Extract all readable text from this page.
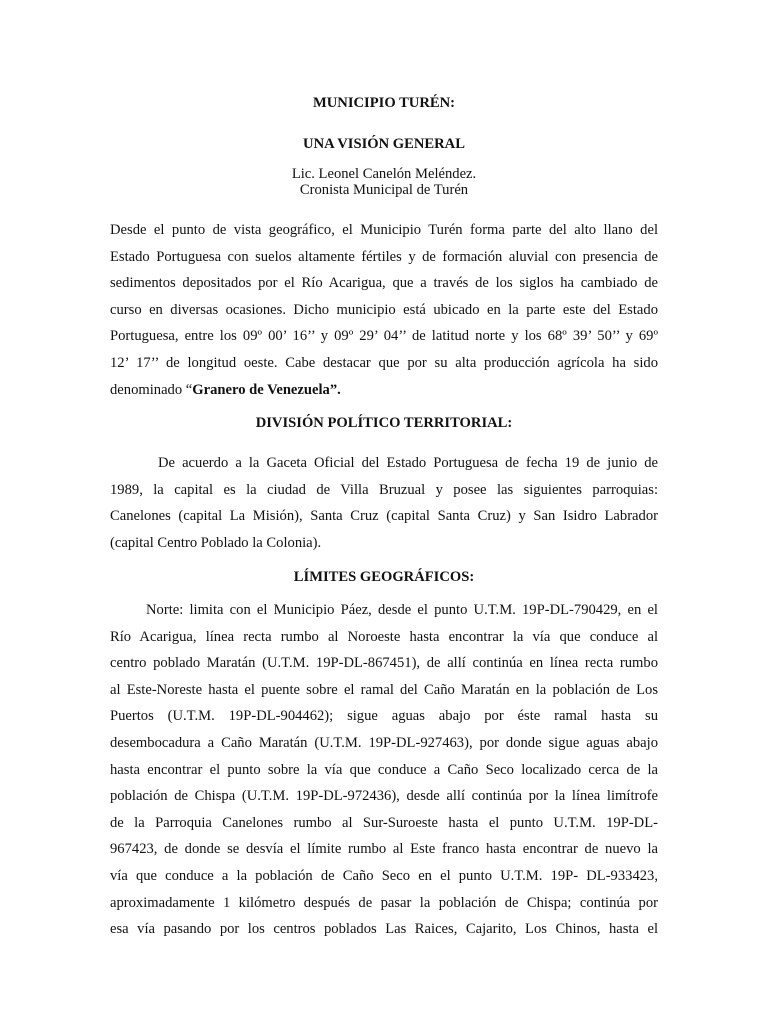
MUNICIPIO TURÉN:

UNA VISIÓN GENERAL

Lic. Leonel Canelón Meléndez.

Cronista Municipal de Turén

Desde el punto de vista geográfico, el Municipio Turén forma parte del alto llano del
Estado Portuguesa con suelos altamente fértiles y de formación aluvial con presencia de
sedimentos depositados por el Río Acarigua, que a través de los siglos ha cambiado de
curso en diversas ocasiones. Dicho municipio está ubicado en la parte este del Estado
Portuguesa, entre los 09º 00’ 16’’ y 09º 29’ 04’’ de latitud norte y los 68º 39’ 50’’ y 69º
12’ 17’’ de longitud oeste. Cabe destacar que por su alta producción agrícola ha sido
denominado “Granero de Venezuela”.

DIVISIÓN POLÍTICO TERRITORIAL:

De acuerdo a la Gaceta Oficial del Estado Portuguesa de fecha 19 de junio de
1989, la capital es la ciudad de Villa Bruzual y posee las siguientes parroquias:
Canelones (capital La Misión), Santa Cruz (capital Santa Cruz) y San Isidro Labrador
(capital Centro Poblado la Colonia).

LÍMITES GEOGRÁFICOS:

Norte: limita con el Municipio Páez, desde el punto U.T.M. 19P-DL-790429, en el
Río Acarigua, línea recta rumbo al Noroeste hasta encontrar la vía que conduce al
centro poblado Maratán (U.T.M. 19P-DL-867451), de allí continúa en línea recta rumbo
al Este-Noreste hasta el puente sobre el ramal del Caño Maratán en la población de Los
Puertos (U.T.M. 19P-DL-904462); sigue aguas abajo por éste ramal hasta su
desembocadura a Caño Maratán (U.T.M. 19P-DL-927463), por donde sigue aguas abajo
hasta encontrar el punto sobre la vía que conduce a Caño Seco localizado cerca de la
población de Chispa (U.T.M. 19P-DL-972436), desde allí continúa por la línea limítrofe
de la Parroquia Canelones rumbo al Sur-Suroeste hasta el punto U.T.M. 19P-DL-
967423, de donde se desvía el límite rumbo al Este franco hasta encontrar de nuevo la
vía que conduce a la población de Caño Seco en el punto U.T.M. 19P- DL-933423,
aproximadamente 1 kilómetro después de pasar la población de Chispa; continúa por
esa vía pasando por los centros poblados Las Raices, Cajarito, Los Chinos, hasta el
